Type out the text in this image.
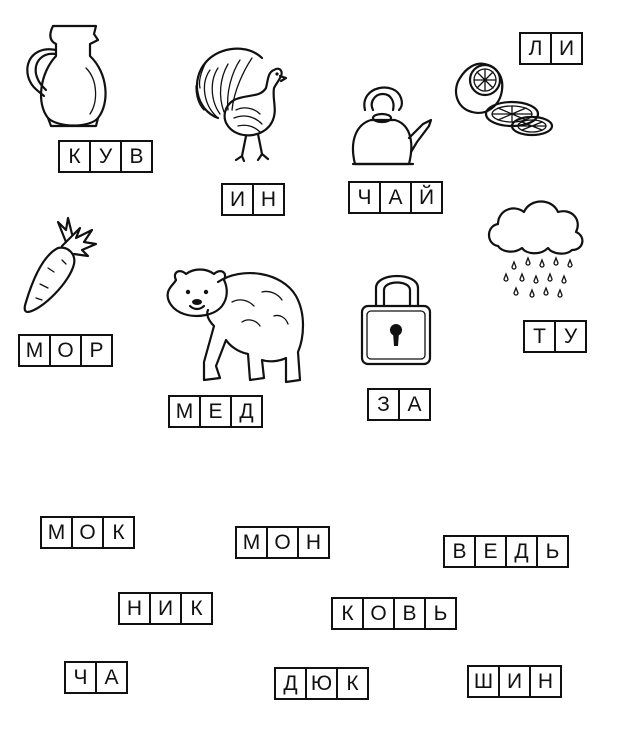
К У В
И Н	Ч А Й
Л И
М О Р
М Е Д	З А
Т У
М О К	М О Н	В Е Д Ь
Н И К	К О В Ь
Ч А	Д Ю К	Ш И Н
